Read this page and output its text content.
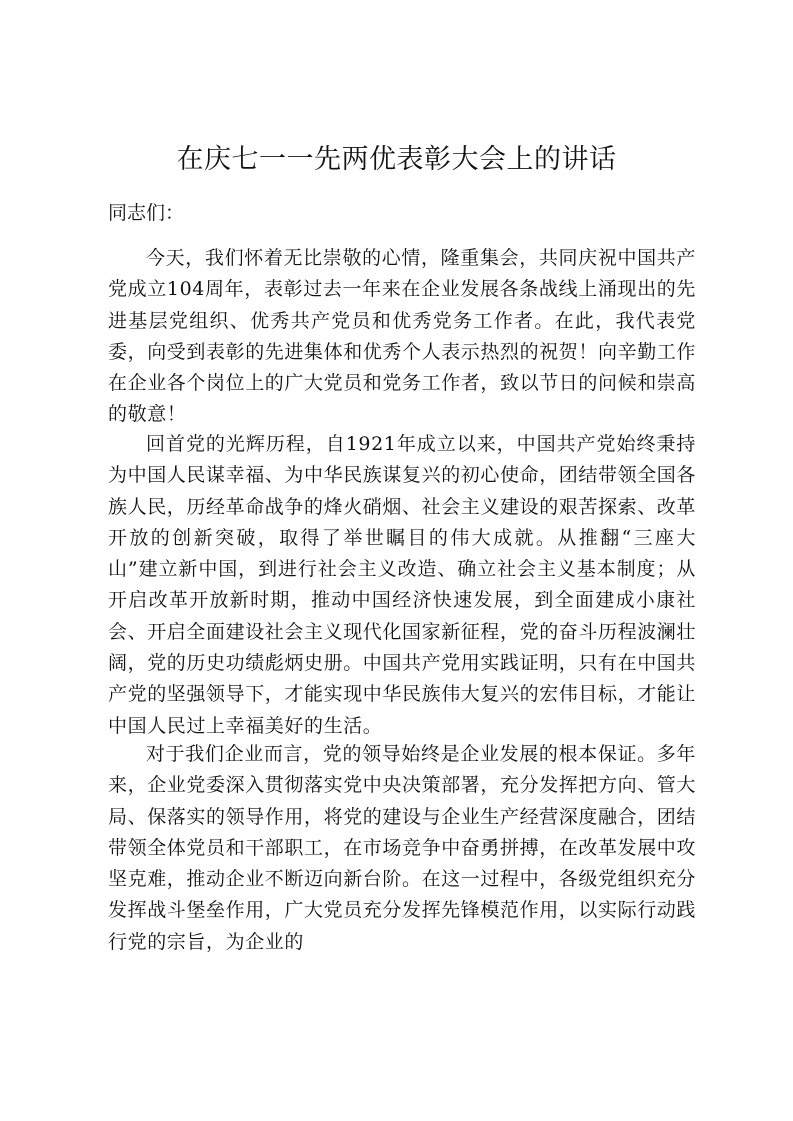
在庆七一一先两优表彰大会上的讲话

同志们：

今天，我们怀着无比崇敬的心情，隆重集会，共同庆祝中国共产党成立104周年，表彰过去一年来在企业发展各条战线上涌现出的先进基层党组织、优秀共产党员和优秀党务工作者。在此，我代表党委，向受到表彰的先进集体和优秀个人表示热烈的祝贺！向辛勤工作在企业各个岗位上的广大党员和党务工作者，致以节日的问候和崇高的敬意！

回首党的光辉历程，自1921年成立以来，中国共产党始终秉持为中国人民谋幸福、为中华民族谋复兴的初心使命，团结带领全国各族人民，历经革命战争的烽火硝烟、社会主义建设的艰苦探索、改革开放的创新突破，取得了举世瞩目的伟大成就。从推翻“三座大山”建立新中国，到进行社会主义改造、确立社会主义基本制度；从开启改革开放新时期，推动中国经济快速发展，到全面建成小康社会、开启全面建设社会主义现代化国家新征程，党的奋斗历程波澜壮阔，党的历史功绩彪炳史册。中国共产党用实践证明，只有在中国共产党的坚强领导下，才能实现中华民族伟大复兴的宏伟目标，才能让中国人民过上幸福美好的生活。

对于我们企业而言，党的领导始终是企业发展的根本保证。多年来，企业党委深入贯彻落实党中央决策部署，充分发挥把方向、管大局、保落实的领导作用，将党的建设与企业生产经营深度融合，团结带领全体党员和干部职工，在市场竞争中奋勇拼搏，在改革发展中攻坚克难，推动企业不断迈向新台阶。在这一过程中，各级党组织充分发挥战斗堡垒作用，广大党员充分发挥先锋模范作用，以实际行动践行党的宗旨，为企业的
